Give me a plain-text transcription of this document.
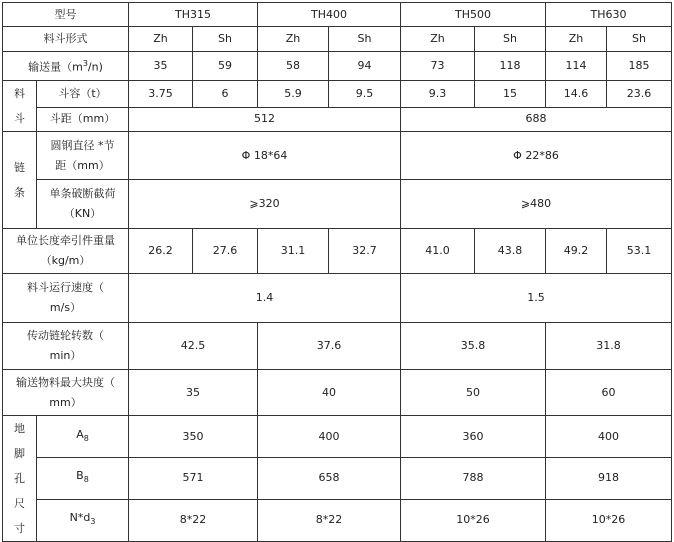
型号		TH315		TH400		TH500		TH630	
料斗形式		Zh	Sh	Zh	Sh	Zh	Sh	Zh	Sh
输送量$(m^3/n)$		35	59	58	94	73	118	114	185

料
斗	斗容（t）	3.75	6	5.9	9.5	9.3	15	14.6	23.6
	斗距（mm）	512				688			

链
条	圆钢直径 *节
距（mm）	Φ 18*64				Φ 22*86			
	单条破断截荷
（KN）	⩾320				⩾480			
单位长度牵引件重量
（kg/m）		26.2	27.6	31.1	32.7	41.0	43.8	49.2	53.1
料斗运行速度（
m/s）		1.4				1.5			
传动链轮转数（
min）		42.5		37.6		35.8		31.8	
输送物料最大块度（
mm）		35		40		50		60	

地
脚
孔
尺
寸	$A_8$	350		400		360		400	
	$B_8$	571		658		788		918	
	$N*d_3$	8*22		8*22		10*26		10*26	
